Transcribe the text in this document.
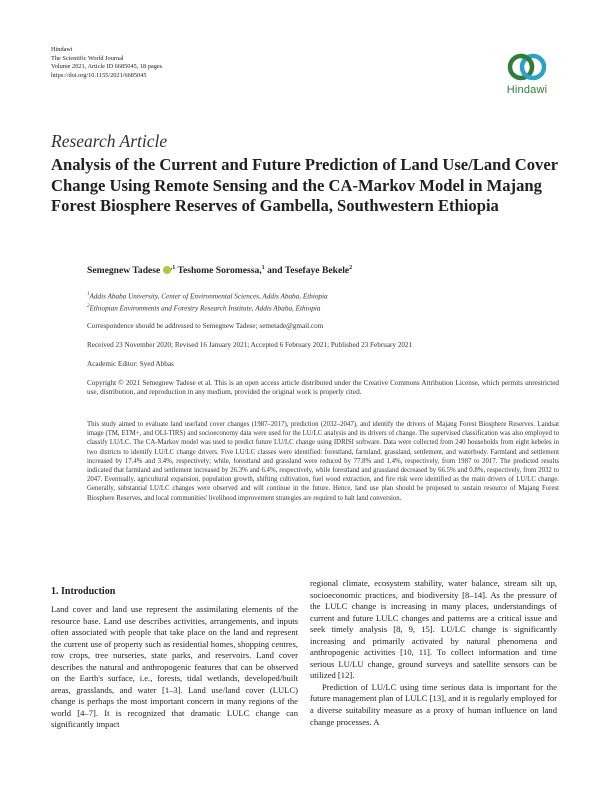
Hindawi
The Scientific World Journal
Volume 2021, Article ID 6685045, 18 pages
https://doi.org/10.1155/2021/6685045
Hindawi
Research Article
Analysis of the Current and Future Prediction of Land Use/Land Cover Change Using Remote Sensing and the CA-Markov Model in Majang Forest Biosphere Reserves of Gambella, Southwestern Ethiopia
Semegnew Tadese $^{,1}$ Teshome Soromessa,$^1$ and Tesefaye Bekele$^2$
$^1$Addis Ababa University, Center of Environmental Sciences, Addis Ababa, Ethiopia
$^2$Ethiopian Environments and Forestry Research Institute, Addis Ababa, Ethiopia
Correspondence should be addressed to Semegnew Tadese; semetade@gmail.com
Received 23 November 2020; Revised 16 January 2021; Accepted 6 February 2021; Published 23 February 2021
Academic Editor: Syed Abbas

Copyright © 2021 Semegnew Tadese et al. This is an open access article distributed under the Creative Commons Attribution License, which permits unrestricted use, distribution, and reproduction in any medium, provided the original work is properly cited.

This study aimed to evaluate land use/land cover changes (1987–2017), prediction (2032–2047), and identify the drivers of Majang Forest Biosphere Reserves. Landsat image (TM, ETM+, and OLI-TIRS) and socioeconomy data were used for the LU/LC analysis and its drivers of change. The supervised classification was also employed to classify LU/LC. The CA-Markov model was used to predict future LU/LC change using IDRISI software. Data were collected from 240 households from eight kebeles in two districts to identify LU/LC change drivers. Five LU/LC classes were identified: forestland, farmland, grassland, settlement, and waterbody. Farmland and settlement increased by 17.4% and 3.4%, respectively; while, forestland and grassland were reduced by 77.8% and 1.4%, respectively, from 1987 to 2017. The predicted results indicated that farmland and settlement increased by 26.3% and 6.4%, respectively, while forestland and grassland decreased by 66.5% and 0.8%, respectively, from 2032 to 2047. Eventually, agricultural expansion, population growth, shifting cultivation, fuel wood extraction, and fire risk were identified as the main drivers of LU/LC change. Generally, substantial LU/LC changes were observed and will continue in the future. Hence, land use plan should be proposed to sustain resource of Majang Forest Biosphere Reserves, and local communities' livelihood improvement strategies are required to halt land conversion.

1. Introduction

Land cover and land use represent the assimilating elements of the resource base. Land use describes activities, arrangements, and inputs often associated with people that take place on the land and represent the current use of property such as residential homes, shopping centres, row crops, tree nurseries, state parks, and reservoirs. Land cover describes the natural and anthropogenic features that can be observed on the Earth's surface, i.e., forests, tidal wetlands, developed/built areas, grasslands, and water [1–3]. Land use/land cover (LULC) change is perhaps the most important concern in many regions of the world [4–7]. It is recognized that dramatic LULC change can significantly impact

regional climate, ecosystem stability, water balance, stream silt up, socioeconomic practices, and biodiversity [8–14]. As the pressure of the LULC change is increasing in many places, understandings of current and future LULC changes and patterns are a critical issue and seek timely analysis [8, 9, 15]. LU/LC change is significantly increasing and primarily activated by natural phenomena and anthropogenic activities [10, 11]. To collect information and time serious LU/LU change, ground surveys and satellite sensors can be utilized [12].

Prediction of LU/LC using time serious data is important for the future management plan of LULC [13], and it is regularly employed for a diverse suitability measure as a proxy of human influence on land change processes. A
